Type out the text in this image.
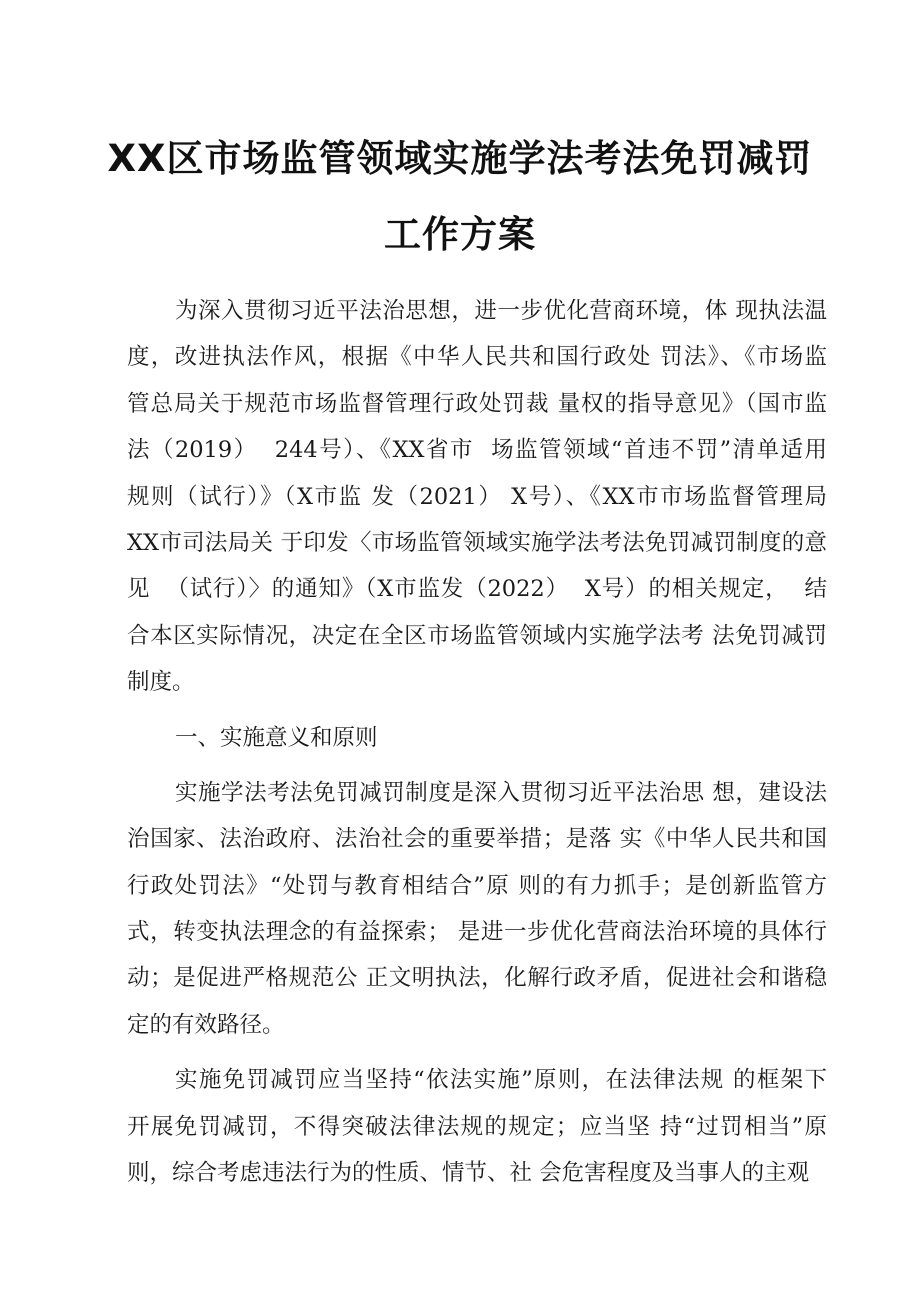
XX区市场监管领域实施学法考法免罚减罚
工作方案
为深入贯彻习近平法治思想，进一步优化营商环境，体 现执法温
度，改进执法作风，根据《中华人民共和国行政处 罚法》、《市场监
管总局关于规范市场监督管理行政处罚裁 量权的指导意见》（国市监
法（2019）  244号）、《XX省市  场监管领域“首违不罚”清单适用
规则（试行）》（X市监 发（2021） X号）、《XX市市场监督管理局
XX市司法局关 于印发〈市场监管领域实施学法考法免罚减罚制度的意
见  （试行）〉的通知》（X市监发（2022）  X号）的相关规定，  结
合本区实际情况，决定在全区市场监管领域内实施学法考 法免罚减罚
制度。
一、实施意义和原则
实施学法考法免罚减罚制度是深入贯彻习近平法治思 想，建设法
治国家、法治政府、法治社会的重要举措；是落 实《中华人民共和国
行政处罚法》“处罚与教育相结合”原 则的有力抓手；是创新监管方
式，转变执法理念的有益探索； 是进一步优化营商法治环境的具体行
动；是促进严格规范公 正文明执法，化解行政矛盾，促进社会和谐稳
定的有效路径。
实施免罚减罚应当坚持“依法实施”原则，在法律法规 的框架下
开展免罚减罚，不得突破法律法规的规定；应当坚 持“过罚相当”原
则，综合考虑违法行为的性质、情节、社 会危害程度及当事人的主观
